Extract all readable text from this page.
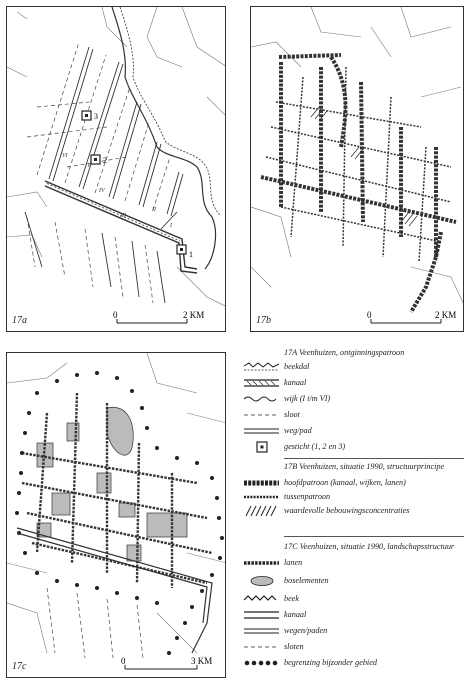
3
2
1
VI
V
IV
III
II
I
0	2 KM
17a	0	2 KM
17b
0	3 KM
17c
17A Veenhuizen, ontginningspatroon
beekdal
kanaal
wijk (I t/m VI)
sloot
weg/pad
gesticht (1, 2 en 3)
17B Veenhuizen, situatie 1990, structuurprincipe
hoofdpatroon (kanaal, wijken, lanen)
tussenpatroon
waardevolle bebouwingsconcentraties
17C Veenhuizen, situatie 1990, landschapsstructuur
lanen
boselementen
beek
kanaal
wegen/paden
sloten
begrenzing bijzonder gebied
